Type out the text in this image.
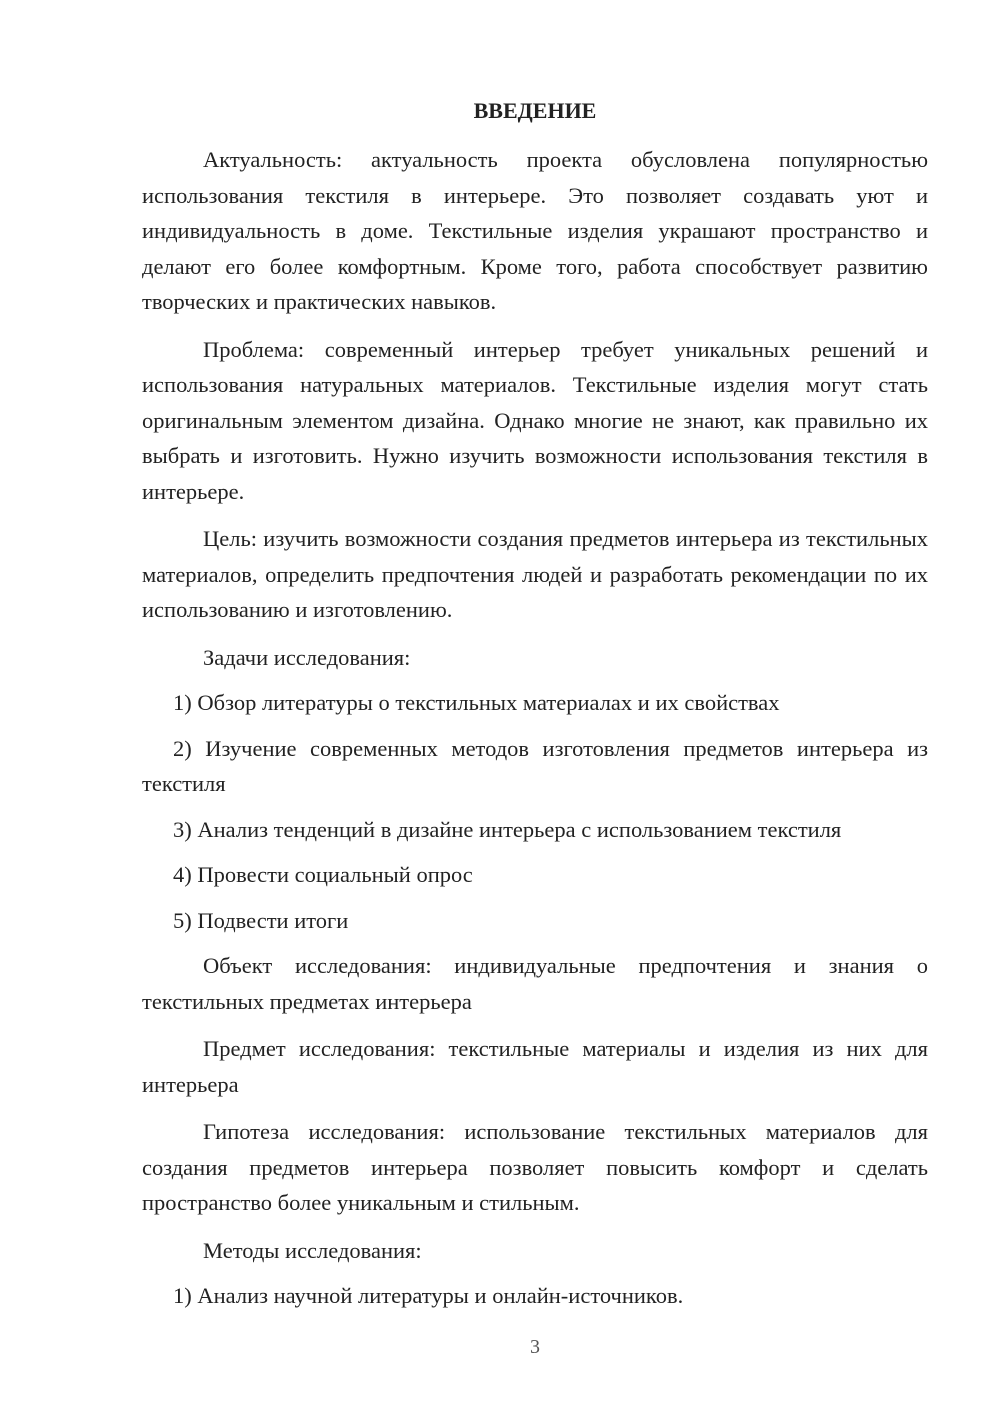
ВВЕДЕНИЕ

Актуальность: актуальность проекта обусловлена популярностью использования текстиля в интерьере. Это позволяет создавать уют и индивидуальность в доме. Текстильные изделия украшают пространство и делают его более комфортным. Кроме того, работа способствует развитию творческих и практических навыков.

Проблема: современный интерьер требует уникальных решений и использования натуральных материалов. Текстильные изделия могут стать оригинальным элементом дизайна. Однако многие не знают, как правильно их выбрать и изготовить. Нужно изучить возможности использования текстиля в интерьере.

Цель: изучить возможности создания предметов интерьера из текстильных материалов, определить предпочтения людей и разработать рекомендации по их использованию и изготовлению.

Задачи исследования:

1) Обзор литературы о текстильных материалах и их свойствах

2) Изучение современных методов изготовления предметов интерьера из текстиля

3) Анализ тенденций в дизайне интерьера с использованием текстиля

4) Провести социальный опрос

5) Подвести итоги

Объект исследования: индивидуальные предпочтения и знания о текстильных предметах интерьера

Предмет исследования: текстильные материалы и изделия из них для интерьера

Гипотеза исследования: использование текстильных материалов для создания предметов интерьера позволяет повысить комфорт и сделать пространство более уникальным и стильным.

Методы исследования:

1) Анализ научной литературы и онлайн-источников.

3
